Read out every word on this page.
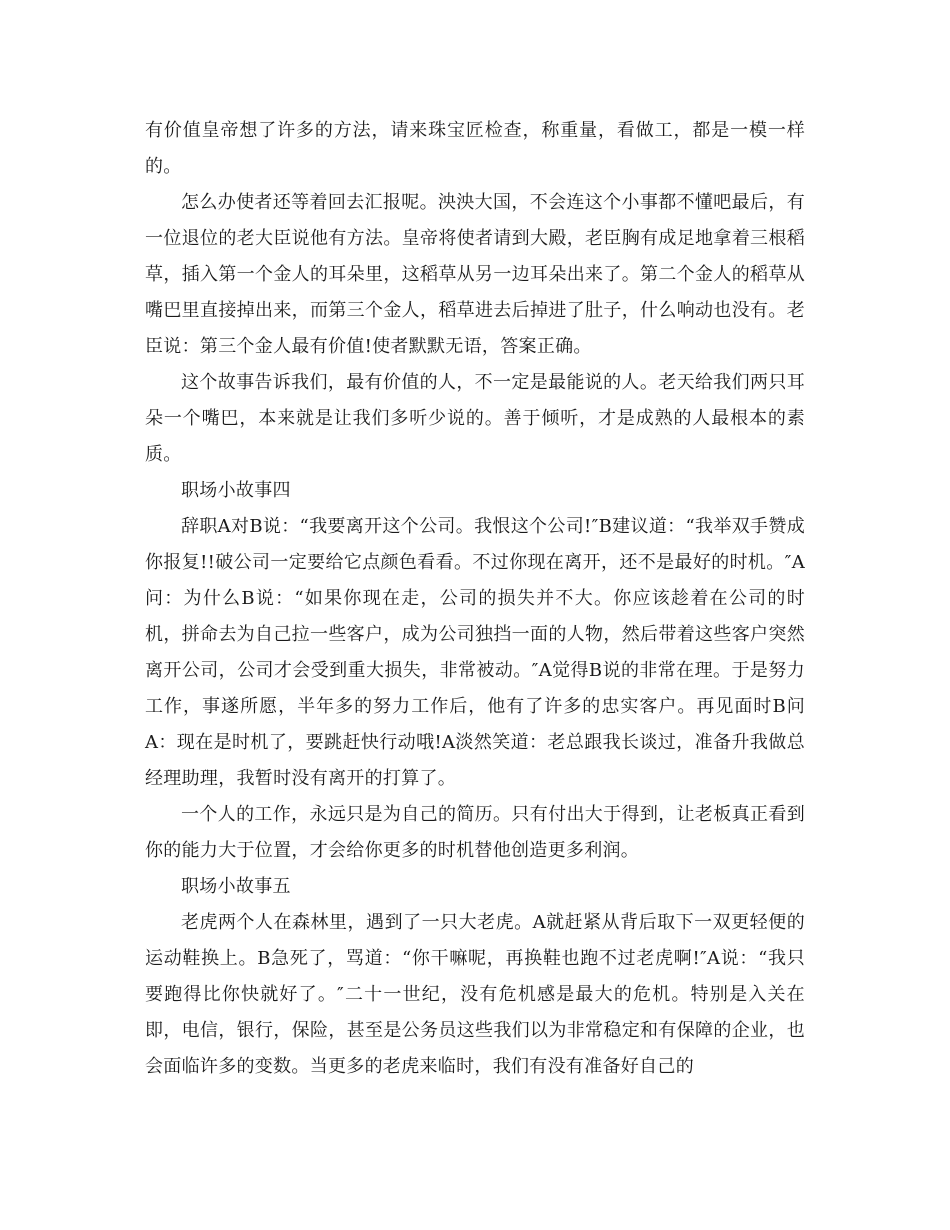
有价值皇帝想了许多的方法，请来珠宝匠检查，称重量，看做工，都是一模一样的。

怎么办使者还等着回去汇报呢。泱泱大国，不会连这个小事都不懂吧最后，有一位退位的老大臣说他有方法。皇帝将使者请到大殿，老臣胸有成足地拿着三根稻草，插入第一个金人的耳朵里，这稻草从另一边耳朵出来了。第二个金人的稻草从嘴巴里直接掉出来，而第三个金人，稻草进去后掉进了肚子，什么响动也没有。老臣说：第三个金人最有价值!使者默默无语，答案正确。

这个故事告诉我们，最有价值的人，不一定是最能说的人。老天给我们两只耳朵一个嘴巴，本来就是让我们多听少说的。善于倾听，才是成熟的人最根本的素质。

职场小故事四

辞职A对B说：“我要离开这个公司。我恨这个公司!″B建议道：“我举双手赞成你报复!!破公司一定要给它点颜色看看。不过你现在离开，还不是最好的时机。″A问：为什么B说：“如果你现在走，公司的损失并不大。你应该趁着在公司的时机，拼命去为自己拉一些客户，成为公司独挡一面的人物，然后带着这些客户突然离开公司，公司才会受到重大损失，非常被动。″A觉得B说的非常在理。于是努力工作，事遂所愿，半年多的努力工作后，他有了许多的忠实客户。再见面时B问A：现在是时机了，要跳赶快行动哦!A淡然笑道：老总跟我长谈过，准备升我做总经理助理，我暂时没有离开的打算了。

一个人的工作，永远只是为自己的简历。只有付出大于得到，让老板真正看到你的能力大于位置，才会给你更多的时机替他创造更多利润。

职场小故事五

老虎两个人在森林里，遇到了一只大老虎。A就赶紧从背后取下一双更轻便的运动鞋换上。B急死了，骂道：“你干嘛呢，再换鞋也跑不过老虎啊!″A说：“我只要跑得比你快就好了。″二十一世纪，没有危机感是最大的危机。特别是入关在即，电信，银行，保险，甚至是公务员这些我们以为非常稳定和有保障的企业，也会面临许多的变数。当更多的老虎来临时，我们有没有准备好自己的
